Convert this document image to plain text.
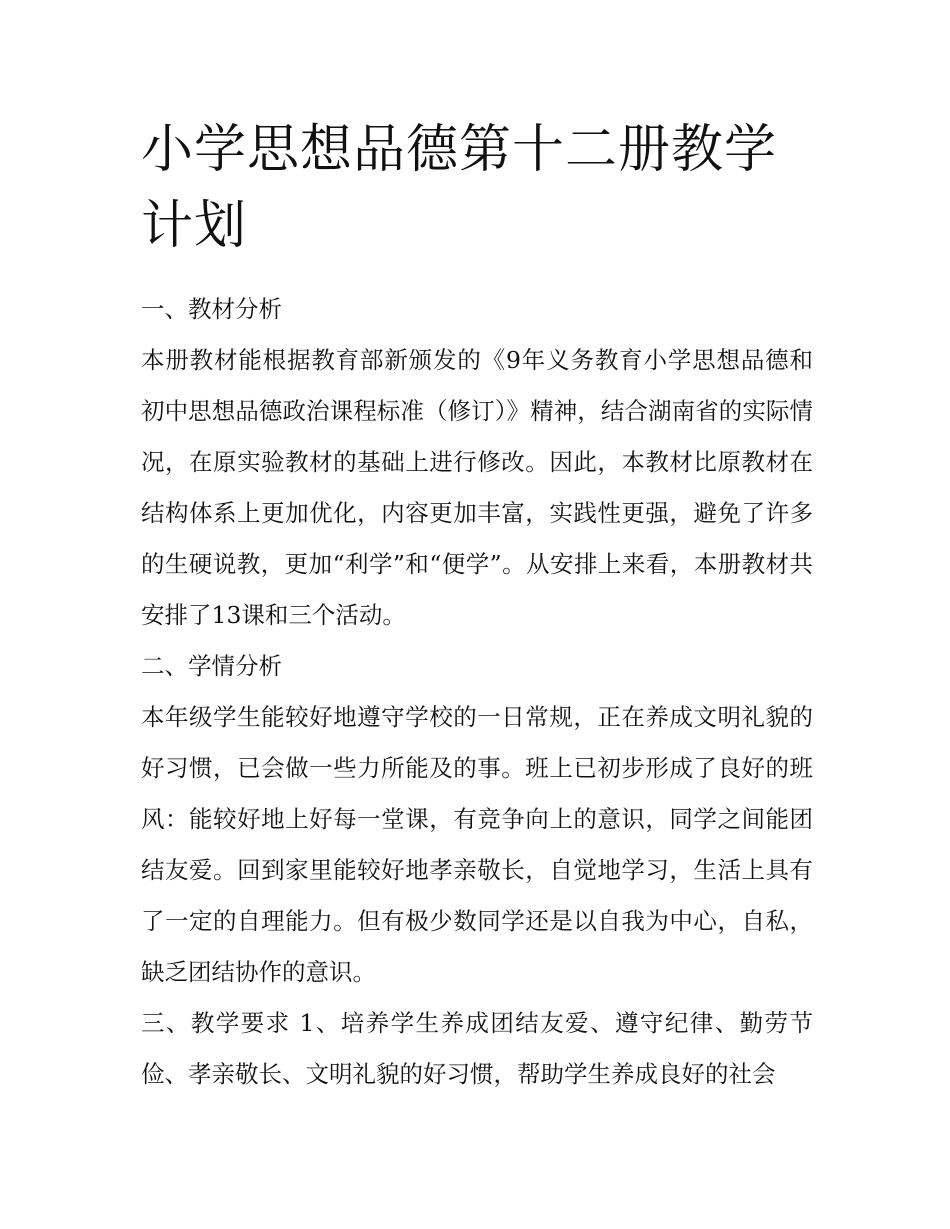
小学思想品德第十二册教学计划

一、教材分析

本册教材能根据教育部新颁发的《9年义务教育小学思想品德和初中思想品德政治课程标准（修订）》精神，结合湖南省的实际情况，在原实验教材的基础上进行修改。因此，本教材比原教材在结构体系上更加优化，内容更加丰富，实践性更强，避免了许多的生硬说教，更加“利学”和“便学”。从安排上来看，本册教材共安排了13课和三个活动。

二、学情分析

本年级学生能较好地遵守学校的一日常规，正在养成文明礼貌的好习惯，已会做一些力所能及的事。班上已初步形成了良好的班风：能较好地上好每一堂课，有竞争向上的意识，同学之间能团结友爱。回到家里能较好地孝亲敬长，自觉地学习，生活上具有了一定的自理能力。但有极少数同学还是以自我为中心，自私，缺乏团结协作的意识。

三、教学要求 1、培养学生养成团结友爱、遵守纪律、勤劳节俭、孝亲敬长、文明礼貌的好习惯，帮助学生养成良好的社会
